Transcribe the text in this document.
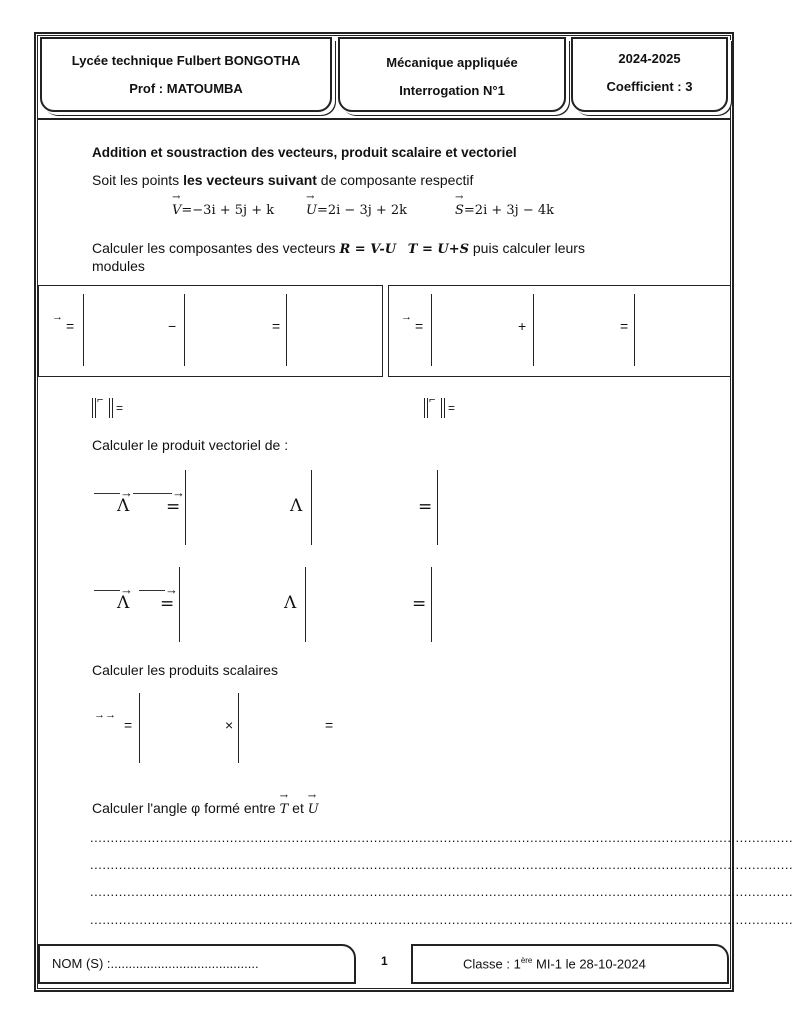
Lycée technique Fulbert BONGOTHA
Prof : MATOUMBA
Mécanique appliquée
Interrogation N°1
2024-2025
Coefficient : 3
Addition et soustraction des vecteurs, produit scalaire et vectoriel
Soit les points les vecteurs suivant de composante respectif
→ V=−3i + 5j + k → U=2i − 3j + 2k	→ S=2i + 3j − 4k
Calculer les composantes des vecteurs R = V-U T = U+S puis calculer leurs
modules
→
=	−	=
→
=	+	=
⌐
=
⌐
=
Calculer le produit vectoriel de :
——→
Λ
———→
=	Λ	=
——→
Λ
——→
=	Λ	=
Calculer les produits scalaires
→→
=	×	=
Calculer l'angle φ formé entre → T et → U
...........................................................................................................................................................................
...........................................................................................................................................................................
...........................................................................................................................................................................
...........................................................................................................................................................................
NOM (S) :.........................................	1	Classe : 1ère MI-1 le 28-10-2024
